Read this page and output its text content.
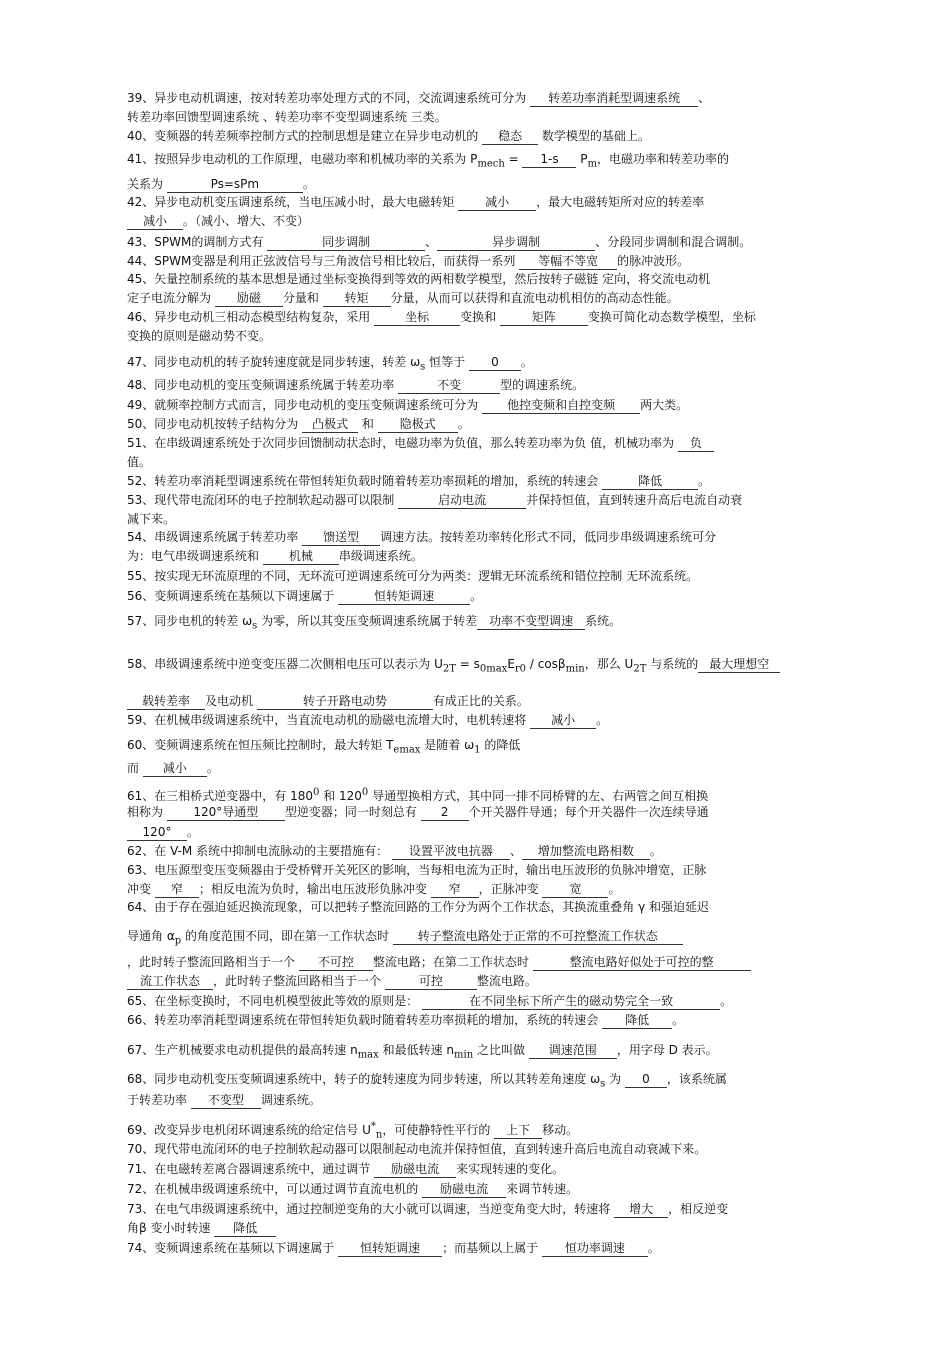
39、异步电动机调速，按对转差功率处理方式的不同，交流调速系统可分为 转差功率消耗型调速系统 、
转差功率回馈型调速系统 、转差功率不变型调速系统 三类。
40、变频器的转差频率控制方式的控制思想是建立在异步电动机的 稳态 数学模型的基础上。
41、按照异步电动机的工作原理，电磁功率和机械功率的关系为 $P_{mech} = 1-s$ $P_m$，电磁功率和转差功率的
关系为	Ps=sPm	。
42、异步电动机变压调速系统，当电压减小时，最大电磁转矩 减小 ，最大电磁转矩所对应的转差率
减小 。（减小、增大、不变）
43、SPWM的调制方式有	同步调制	、	异步调制	、分段同步调制和混合调制。
44、SPWM变器是利用正弦波信号与三角波信号相比较后，而获得一系列 等幅不等宽 的脉冲波形。
45、矢量控制系统的基本思想是通过坐标变换得到等效的两相数学模型，然后按转子磁链 定向，将交流电动机
定子电流分解为 励磁 分量和 转矩 分量，从而可以获得和直流电动机相仿的高动态性能。
46、异步电动机三相动态模型结构复杂，采用	坐标	变换和	矩阵	变换可简化动态数学模型，坐标
变换的原则是磁动势不变。
47、同步电动机的转子旋转速度就是同步转速，转差 $\omega_s$ 恒等于 0 。
48、同步电动机的变压变频调速系统属于转差功率	不变	型的调速系统。
49、就频率控制方式而言，同步电动机的变压变频调速系统可分为 他控变频和自控变频 两大类。
50、同步电动机按转子结构分为 凸极式 和 隐极式 。
51、在串级调速系统处于次同步回馈制动状态时，电磁功率为负值，那么转差功率为负 值，机械功率为 负
值。
52、转差功率消耗型调速系统在带恒转矩负载时随着转差功率损耗的增加，系统的转速会	降低	。
53、现代带电流闭环的电子控制软起动器可以限制	启动电流	并保持恒值，直到转速升高后电流自动衰
减下来。
54、串级调速系统属于转差功率 馈送型 调速方法。按转差功率转化形式不同，低同步串级调速系统可分
为：电气串级调速系统和 机械 串级调速系统。
55、按实现无环流原理的不同，无环流可逆调速系统可分为两类：逻辑无环流系统和错位控制 无环流系统。
56、变频调速系统在基频以下调速属于	恒转矩调速	。
57、同步电机的转差 $\omega_s$ 为零，所以其变压变频调速系统属于转差 功率不变型调速 系统。
58、串级调速系统中逆变变压器二次侧相电压可以表示为 $U_{2T} = s_{0max}E_{r0} / \cos\beta_{min}$，那么 $U_{2T}$ 与系统的 最大理想空
载转差率 及电动机	转子开路电动势	有成正比的关系。
59、在机械串级调速系统中，当直流电动机的励磁电流增大时，电机转速将 减小 。
60、变频调速系统在恒压频比控制时，最大转矩 $T_{emax}$ 是随着 $\omega_1$ 的降低
而 减小 。
61、在三相桥式逆变器中，有 $180^0$ 和 $120^0$ 导通型换相方式，其中同一排不同桥臂的左、右两管之间互相换
相称为 120°导通型 型逆变器；同一时刻总有 2 个开关器件导通；每个开关器件一次连续导通
120° 。
62、在 V-M 系统中抑制电流脉动的主要措施有： 设置平波电抗器 、 增加整流电路相数 。
63、电压源型变压变频器由于受桥臂开关死区的影响，当每相电流为正时，输出电压波形的负脉冲增宽，正脉
冲变 窄 ；相反电流为负时，输出电压波形负脉冲变 窄 ，正脉冲变 宽 。
64、由于存在强迫延迟换流现象，可以把转子整流回路的工作分为两个工作状态，其换流重叠角 γ 和强迫延迟
导通角 $\alpha_p$ 的角度范围不同，即在第一工作状态时 转子整流电路处于正常的不可控整流工作状态
，此时转子整流回路相当于一个 不可控 整流电路；在第二工作状态时	整流电路好似处于可控的整
流工作状态 ，此时转子整流回路相当于一个	可控	整流电路。
65、在坐标变换时，不同电机模型彼此等效的原则是：	在不同坐标下所产生的磁动势完全一致	。
66、转差功率消耗型调速系统在带恒转矩负载时随着转差功率损耗的增加，系统的转速会 降低 。
67、生产机械要求电动机提供的最高转速 $n_{max}$ 和最低转速 $n_{min}$ 之比叫做 调速范围 ，用字母 D 表示。
68、同步电动机变压变频调速系统中，转子的旋转速度为同步转速，所以其转差角速度 $\omega_s$ 为 0 ，该系统属
于转差功率 不变型 调速系统。
69、改变异步电机闭环调速系统的给定信号 $U^*_n$，可使静特性平行的 上下 移动。
70、现代带电流闭环的电子控制软起动器可以限制起动电流并保持恒值，直到转速升高后电流自动衰减下来。
71、在电磁转差离合器调速系统中，通过调节 励磁电流 来实现转速的变化。
72、在机械串级调速系统中，可以通过调节直流电机的 励磁电流 来调节转速。
73、在电气串级调速系统中，通过控制逆变角的大小就可以调速，当逆变角变大时，转速将 增大 ，相反逆变
角β 变小时转速 降低
74、变频调速系统在基频以下调速属于 恒转矩调速 ；而基频以上属于 恒功率调速 。
